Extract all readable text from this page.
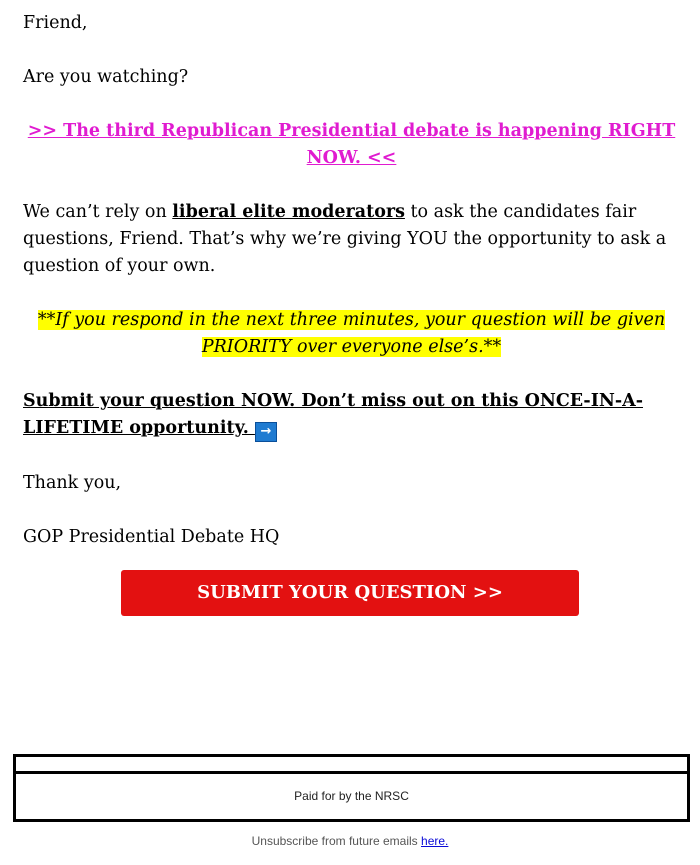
Friend,

Are you watching?

>> The third Republican Presidential debate is happening RIGHT NOW. <<

We can’t rely on liberal elite moderators to ask the candidates fair questions, Friend. That’s why we’re giving YOU the opportunity to ask a question of your own.

**If you respond in the next three minutes, your question will be given PRIORITY over everyone else’s.**

Submit your question NOW. Don’t miss out on this ONCE-IN-A-LIFETIME opportunity. →

Thank you,

GOP Presidential Debate HQ

SUBMIT YOUR QUESTION >>
Paid for by the NRSC
Unsubscribe from future emails here.
